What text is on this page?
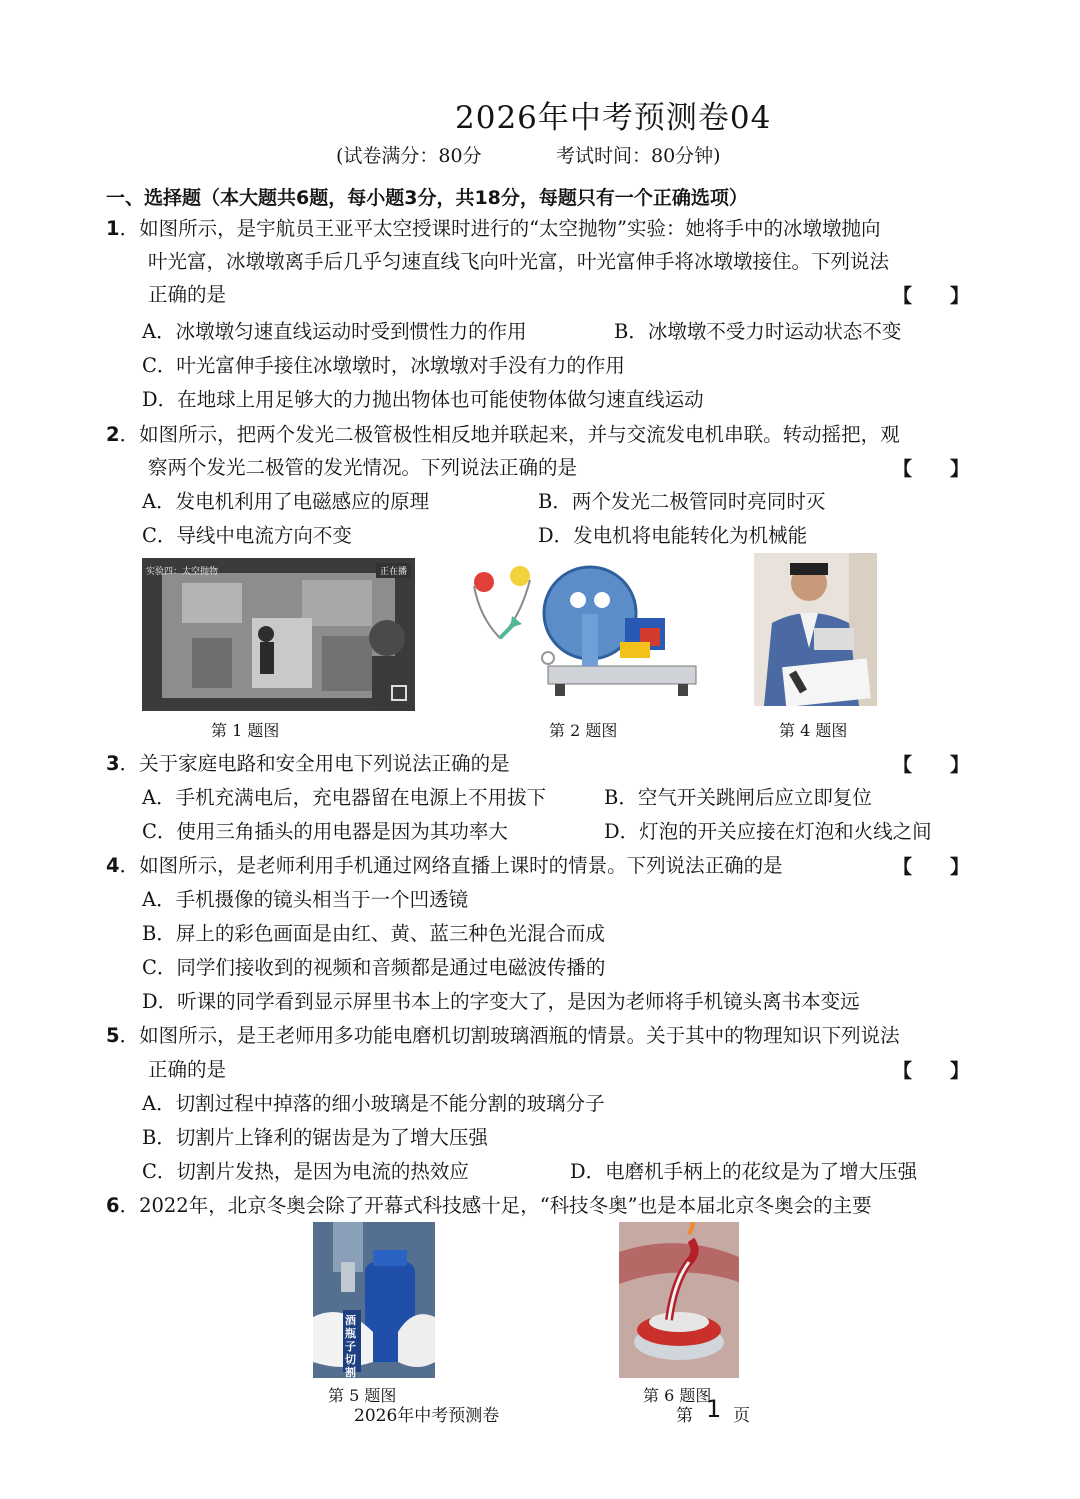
2026年中考预测卷04
(试卷满分：80分	考试时间：80分钟)
一、选择题（本大题共6题，每小题3分，共18分，每题只有一个正确选项）
1．如图所示，是宇航员王亚平太空授课时进行的“太空抛物”实验：她将手中的冰墩墩抛向
叶光富，冰墩墩离手后几乎匀速直线飞向叶光富，叶光富伸手将冰墩墩接住。下列说法
正确的是	【　　】
A．冰墩墩匀速直线运动时受到惯性力的作用	B．冰墩墩不受力时运动状态不变
C．叶光富伸手接住冰墩墩时，冰墩墩对手没有力的作用
D．在地球上用足够大的力抛出物体也可能使物体做匀速直线运动
2．如图所示，把两个发光二极管极性相反地并联起来，并与交流发电机串联。转动摇把，观
察两个发光二极管的发光情况。下列说法正确的是	【　　】
A．发电机利用了电磁感应的原理	B．两个发光二极管同时亮同时灭
C．导线中电流方向不变	D．发电机将电能转化为机械能
实验四：太空抛物	正在播
第 1 题图	第 2 题图	第 4 题图
3．关于家庭电路和安全用电下列说法正确的是	【　　】
A．手机充满电后，充电器留在电源上不用拔下	B．空气开关跳闸后应立即复位
C．使用三角插头的用电器是因为其功率大	D．灯泡的开关应接在灯泡和火线之间
4．如图所示，是老师利用手机通过网络直播上课时的情景。下列说法正确的是	【　　】
A．手机摄像的镜头相当于一个凹透镜
B．屏上的彩色画面是由红、黄、蓝三种色光混合而成
C．同学们接收到的视频和音频都是通过电磁波传播的
D．听课的同学看到显示屏里书本上的字变大了，是因为老师将手机镜头离书本变远
5．如图所示，是王老师用多功能电磨机切割玻璃酒瓶的情景。关于其中的物理知识下列说法
正确的是	【　　】
A．切割过程中掉落的细小玻璃是不能分割的玻璃分子
B．切割片上锋利的锯齿是为了增大压强
C．切割片发热，是因为电流的热效应	D．电磨机手柄上的花纹是为了增大压强
6．2022年，北京冬奥会除了开幕式科技感十足，“科技冬奥”也是本届北京冬奥会的主要
酒瓶子切割
第 5 题图	第 6 题图
2026年中考预测卷	第 1 页
